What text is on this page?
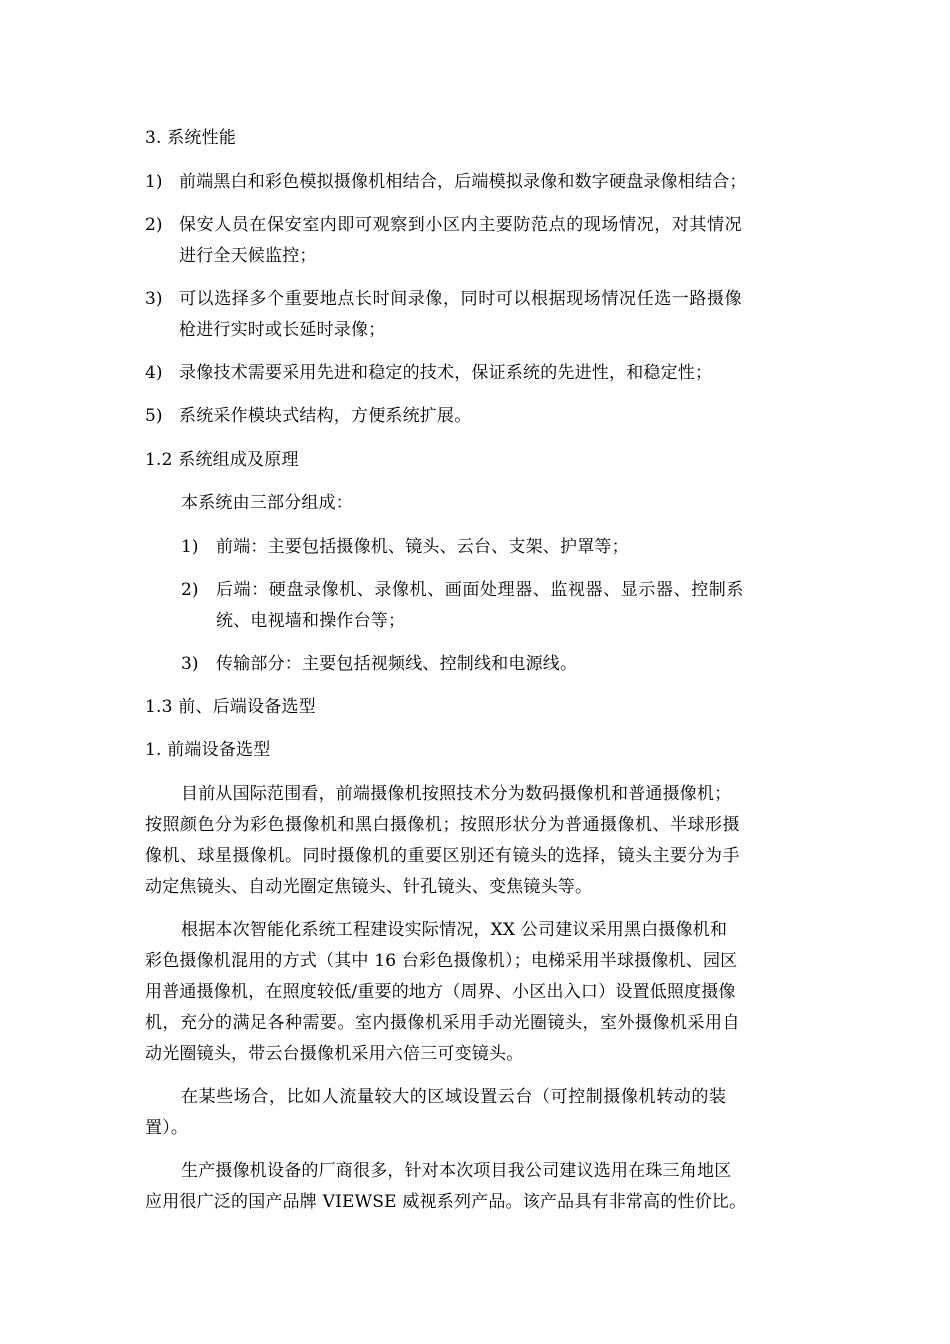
3. 系统性能
1) 前端黑白和彩色模拟摄像机相结合，后端模拟录像和数字硬盘录像相结合；
2) 保安人员在保安室内即可观察到小区内主要防范点的现场情况，对其情况
进行全天候监控；
3) 可以选择多个重要地点长时间录像，同时可以根据现场情况任选一路摄像
枪进行实时或长延时录像；
4) 录像技术需要采用先进和稳定的技术，保证系统的先进性，和稳定性；
5) 系统采作模块式结构，方便系统扩展。
1.2 系统组成及原理
本系统由三部分组成：
1) 前端：主要包括摄像机、镜头、云台、支架、护罩等；
2) 后端：硬盘录像机、录像机、画面处理器、监视器、显示器、控制系
统、电视墙和操作台等；
3) 传输部分：主要包括视频线、控制线和电源线。
1.3 前、后端设备选型
1. 前端设备选型
目前从国际范围看，前端摄像机按照技术分为数码摄像机和普通摄像机；
按照颜色分为彩色摄像机和黑白摄像机；按照形状分为普通摄像机、半球形摄
像机、球星摄像机。同时摄像机的重要区别还有镜头的选择，镜头主要分为手
动定焦镜头、自动光圈定焦镜头、针孔镜头、变焦镜头等。
根据本次智能化系统工程建设实际情况，XX 公司建议采用黑白摄像机和
彩色摄像机混用的方式（其中 16 台彩色摄像机）；电梯采用半球摄像机、园区
用普通摄像机，在照度较低/重要的地方（周界、小区出入口）设置低照度摄像
机，充分的满足各种需要。室内摄像机采用手动光圈镜头，室外摄像机采用自
动光圈镜头，带云台摄像机采用六倍三可变镜头。
在某些场合，比如人流量较大的区域设置云台（可控制摄像机转动的装
置）。
生产摄像机设备的厂商很多，针对本次项目我公司建议选用在珠三角地区
应用很广泛的国产品牌 VIEWSE 威视系列产品。该产品具有非常高的性价比。
